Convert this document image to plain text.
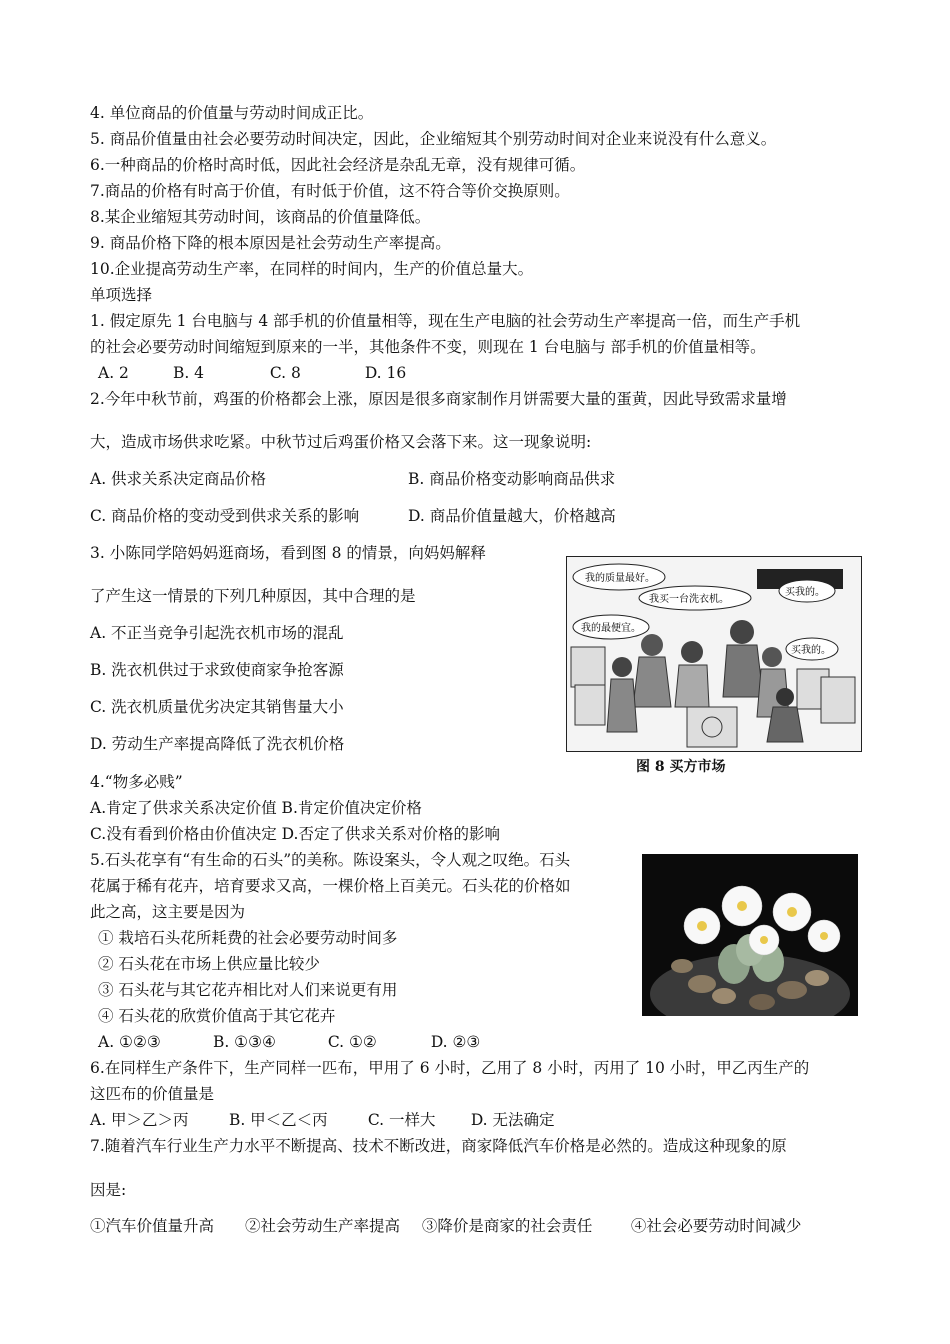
4. 单位商品的价值量与劳动时间成正比。
5. 商品价值量由社会必要劳动时间决定，因此，企业缩短其个别劳动时间对企业来说没有什么意义。
6.一种商品的价格时高时低，因此社会经济是杂乱无章，没有规律可循。
7.商品的价格有时高于价值，有时低于价值，这不符合等价交换原则。
8.某企业缩短其劳动时间，该商品的价值量降低。
9. 商品价格下降的根本原因是社会劳动生产率提高。
10.企业提高劳动生产率，在同样的时间内，生产的价值总量大。
单项选择
1. 假定原先 1 台电脑与 4 部手机的价值量相等，现在生产电脑的社会劳动生产率提高一倍，而生产手机
的社会必要劳动时间缩短到原来的一半，其他条件不变，则现在 1 台电脑与 部手机的价值量相等。
A. 2	B. 4	C. 8	D. 16
2.今年中秋节前，鸡蛋的价格都会上涨，原因是很多商家制作月饼需要大量的蛋黄，因此导致需求量增
大，造成市场供求吃紧。中秋节过后鸡蛋价格又会落下来。这一现象说明:
A. 供求关系决定商品价格	B. 商品价格变动影响商品供求
C. 商品价格的变动受到供求关系的影响	D. 商品价值量越大，价格越高
3. 小陈同学陪妈妈逛商场，看到图 8 的情景，向妈妈解释
了产生这一情景的下列几种原因，其中合理的是
A. 不正当竞争引起洗衣机市场的混乱
B. 洗衣机供过于求致使商家争抢客源
C. 洗衣机质量优劣决定其销售量大小
D. 劳动生产率提高降低了洗衣机价格
我的质量最好。
我买一台洗衣机。
我的最便宜。
买我的。
买我的。
图 8 买方市场
4.“物多必贱”
A.肯定了供求关系决定价值 B.肯定价值决定价格
C.没有看到价格由价值决定 D.否定了供求关系对价格的影响
5.石头花享有“有生命的石头”的美称。陈设案头，令人观之叹绝。石头
花属于稀有花卉，培育要求又高，一棵价格上百美元。石头花的价格如
此之高，这主要是因为
① 栽培石头花所耗费的社会必要劳动时间多
② 石头花在市场上供应量比较少
③ 石头花与其它花卉相比对人们来说更有用
④ 石头花的欣赏价值高于其它花卉
A. ①②③	B. ①③④	C. ①②	D. ②③
6.在同样生产条件下，生产同样一匹布，甲用了 6 小时，乙用了 8 小时，丙用了 10 小时，甲乙丙生产的
这匹布的价值量是
A. 甲＞乙＞丙	B. 甲＜乙＜丙	C. 一样大 D. 无法确定
7.随着汽车行业生产力水平不断提高、技术不断改进，商家降低汽车价格是必然的。造成这种现象的原
因是:
①汽车价值量升高 ②社会劳动生产率提高 ③降价是商家的社会责任 ④社会必要劳动时间减少
